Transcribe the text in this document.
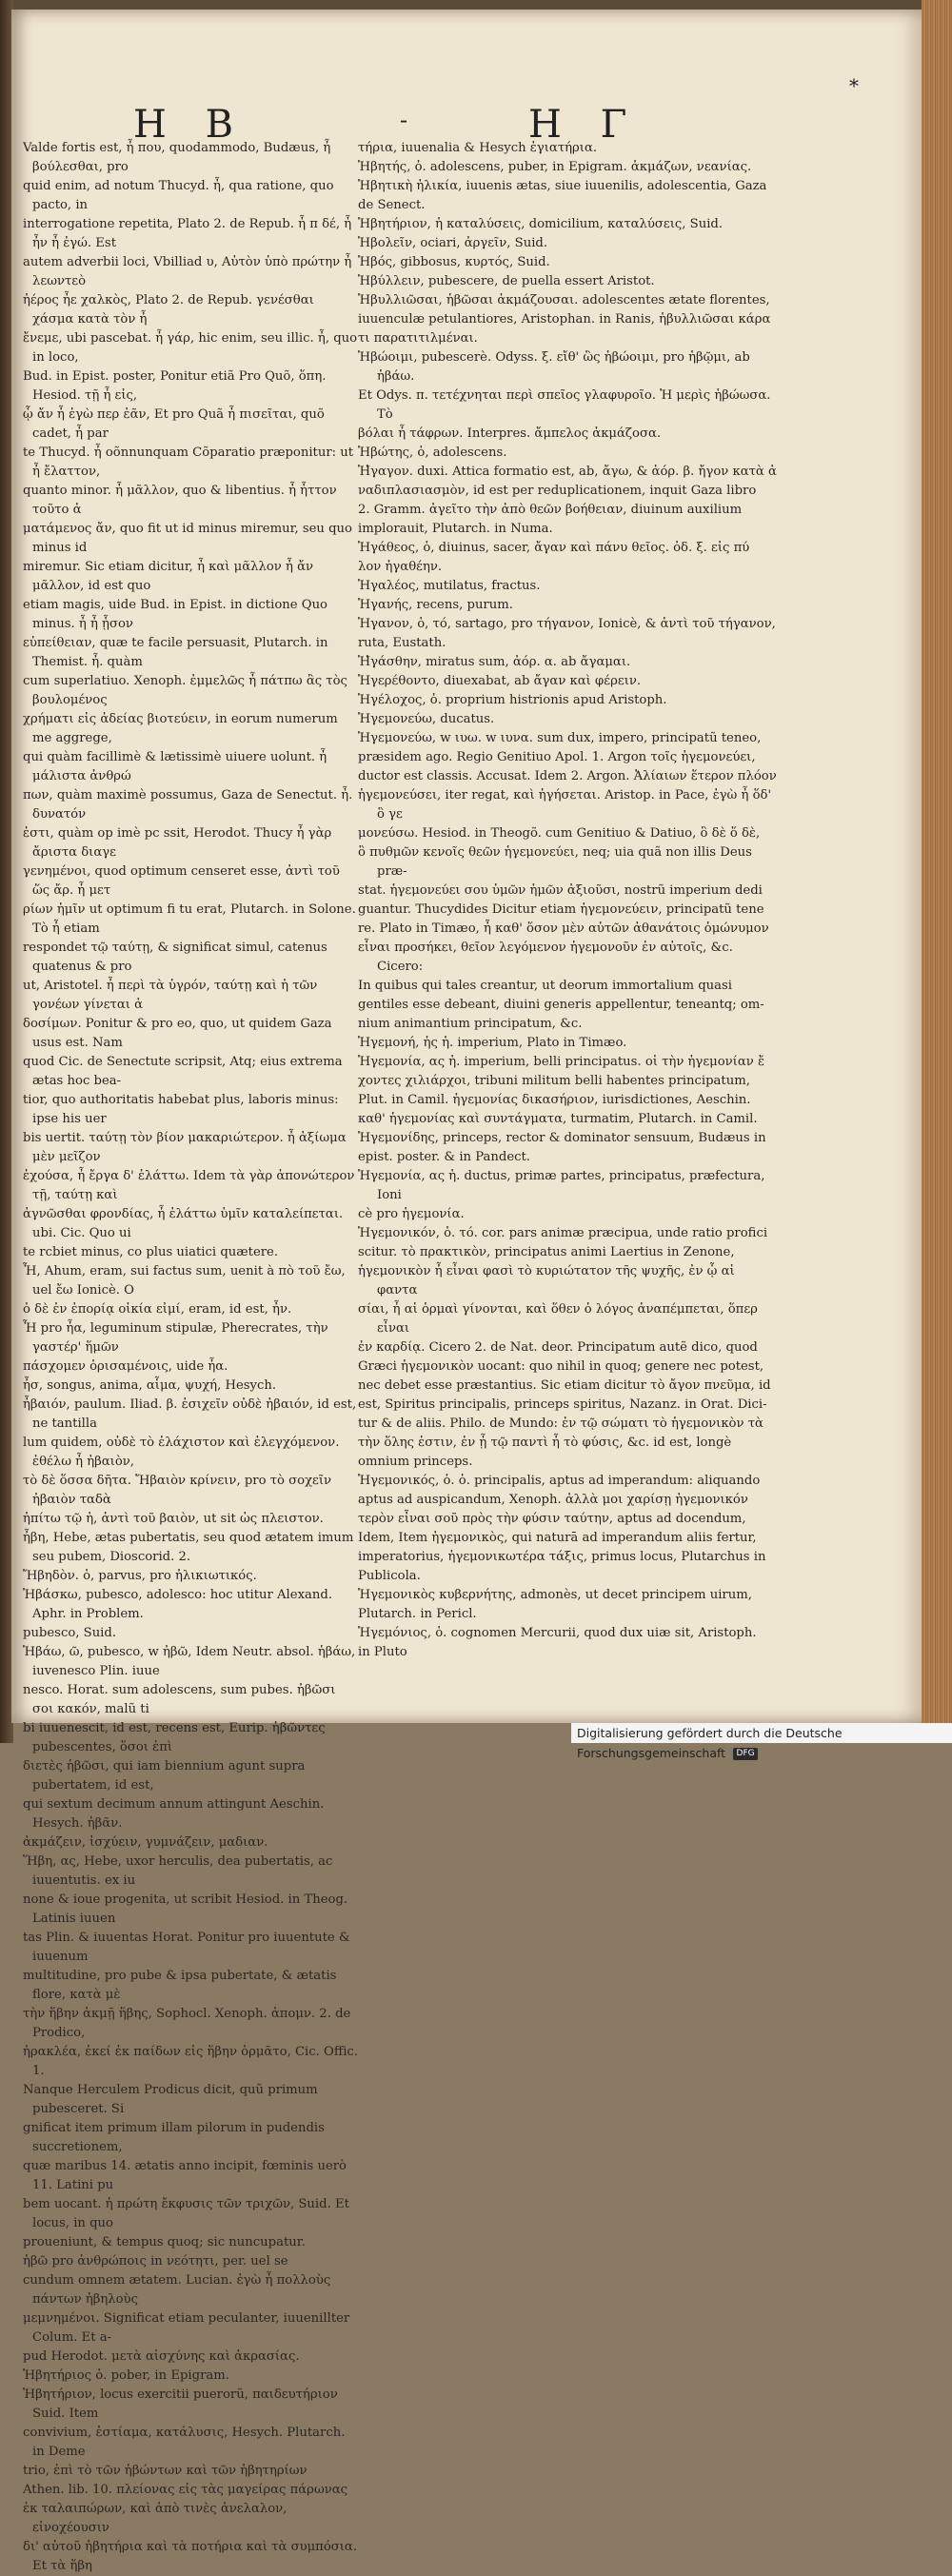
H B	-	H Γ
*

Valde fortis est, ἦ που, quodammodo, Budæus, ἦ βούλεσθαι, pro

quid enim, ad notum Thucyd. ἦ, qua ratione, quo pacto, in

interrogatione repetita, Plato 2. de Repub. ἦ π δέ, ἦ ἦν ἦ ἐγώ. Est

autem adverbii loci, Vbilliad υ, Αὐτὸν ὑπὸ πρώτην ἦ λεωντεὸ

ἠέρος ἦε χαλκὸς, Plato 2. de Repub. γενέσθαι χάσμα κατὰ τὸν ἦ

ἔνεμε, ubi pascebat. ἦ γάρ, hic enim, seu illic. ἦ, quo in loco,

Bud. in Epist. poster, Ponitur etiã Pro Quõ, ὅπη. Hesiod. τῇ ἦ εἰς,

ᾧ ἄν ἦ ἐγὼ περ ἐᾶν, Et pro Quã ἦ πισεῖται, quõ cadet, ἦ par

te Thucyd. ἦ oõnnunquam Cõparatio præponitur: ut ἦ ἔλαττον,

quanto minor. ἦ μᾶλλον, quo & libentius. ἦ ἧττον τοῦτο ἀ

ματάμενος ἄν, quo fit ut id minus miremur, seu quo minus id

miremur. Sic etiam dicitur, ἦ καὶ μᾶλλον ἦ ἄν μᾶλλον, id est quo

etiam magis, uide Bud. in Epist. in dictione Quo minus. ἦ ἦ ᾗσον

εὐπείθειαν, quæ te facile persuasit, Plutarch. in Themist. ἦ. quàm

cum superlatiuo. Xenoph. ἐμμελῶς ἦ πάτπω ἂς τὸς βουλομένος

χρήματι εἰς ἀδείας βιοτεύειν, in eorum numerum me aggrege,

qui quàm facillimè & lætissimè uiuere uolunt. ἦ μάλιστα ἀνθρώ

πων, quàm maximè possumus, Gaza de Senectut. ἦ. δυνατόν

ἐστι, quàm op imè pc ssit, Herodot. Thucy ἦ γὰρ ἄριστα διαγε

γενημένοι, quod optimum censeret esse, ἀντὶ τοῦ ὥς ἄρ. ἦ μετ

ρίων ἡμῖν ut optimum fi tu erat, Plutarch. in Solone. Τὸ ἦ etiam

respondet τῷ ταύτῃ, & significat simul, catenus quatenus & pro

ut, Aristotel. ἦ περὶ τὰ ὑγρόν, ταύτῃ καὶ ἡ τῶν γονέων γίνεται ἀ

δοσίμων. Ponitur & pro eo, quo, ut quidem Gaza usus est. Nam

quod Cic. de Senectute scripsit, Atq; eius extrema ætas hoc bea-

tior, quo authoritatis habebat plus, laboris minus: ipse his uer

bis uertit. ταύτῃ τὸν βίον μακαριώτερον. ἦ ἀξίωμα μὲν μεῖζον

ἐχούσα, ἦ ἔργα δ' ἐλάττω. Idem τὰ γὰρ ἀπονώτερον τῇ, ταύτῃ καὶ

ἀγνῶσθαι φρονδίας, ἦ ἐλάττω ὑμῖν καταλείπεται. ubi. Cic. Quo ui

te rcbiet minus, co plus uiatici quætere.

Ἦ, Ahum, eram, sui factus sum, uenit à πὸ τοῦ ἔω, uel ἔω Ionicè. O

ὁ δὲ ἐν ἐπορίᾳ οἰκία εἰμί, eram, id est, ἦν.

Ἦ pro ἦα, leguminum stipulæ, Pherecrates, τὴν γαστέρ' ἥμῶν

πάσχομεν ὁρισαμένοις, uide ἦα.

ἦσ, songus, anima, αἷμα, ψυχή, Hesych.

ἦβαιόν, paulum. Iliad. β. ἐσιχεῖν οὐδὲ ἠβαιόν, id est, ne tantilla

lum quidem, οὐδὲ τὸ ἐλάχιστον καὶ ἐλεγχόμενον. ἐθέλω ἦ ἠβαιὸν,

τὸ δὲ ὅσσα δῆτα. Ἤβαιὸν κρίνειν, pro τὸ σοχεῖν ἠβαιὸν ταδὰ

ἠπίτω τῷ ἡ, ἀντὶ τοῦ βαιὸν, ut sit ὡς πλειστον.

ἦβη, Hebe, ætas pubertatis, seu quod ætatem imum seu pubem, Dioscorid. 2.

Ἤβηδὸν. ὁ, parvus, pro ἠλικιωτικός.

Ἠβάσκω, pubesco, adolesco: hoc utitur Alexand. Aphr. in Problem.

pubesco, Suid.

Ἡβάω, ῶ, pubesco, w ἠβῶ, Idem Neutr. absol. ἡβάω, iuvenesco Plin. iuue

nesco. Horat. sum adolescens, sum pubes. ἠβῶσι σοι κακόν, malũ ti

bi iuuenescit, id est, recens est, Eurip. ἡβῶντες pubescentes, ὅσοι ἐπὶ

διετὲς ἡβῶσι, qui iam biennium agunt supra pubertatem, id est,

qui sextum decimum annum attingunt Aeschin. Hesych. ἠβᾶν.

ἀκμάζειν, ἰσχύειν, γυμνάζειν, μαδιαν.

Ἥβη, ας, Hebe, uxor herculis, dea pubertatis, ac iuuentutis. ex iu

none & ioue progenita, ut scribit Hesiod. in Theog. Latinis iuuen

tas Plin. & iuuentas Horat. Ponitur pro iuuentute & iuuenum

multitudine, pro pube & ipsa pubertate, & ætatis flore, κατὰ μὲ

τὴν ἥβην ἀκμῇ ἥβης, Sophocl. Xenoph. ἀπομν. 2. de Prodico,

ἡρακλέα, ἐκεί ἐκ παίδων εἰς ἥβην ὁρμᾶτο, Cic. Offic. 1.

Nanque Herculem Prodicus dicit, quũ primum pubesceret. Si

gnificat item primum illam pilorum in pudendis succretionem,

quæ maribus 14. ætatis anno incipit, fœminis uerò 11. Latini pu

bem uocant. ἡ πρώτη ἔκφυσις τῶν τριχῶν, Suid. Et locus, in quo

proueniunt, & tempus quoq; sic nuncupatur.

ἡβῶ pro ἀνθρώποις in νεότητι, per. uel se

cundum omnem ætatem. Lucian. ἐγὼ ἦ πολλοὺς πάντων ἡβηλοὺς

μεμνημένοι. Significat etiam peculanter, iuuenillter Colum. Et a-

pud Herodot. μετὰ αἰσχύνης καὶ ἀκρασίας.

Ἡβητήριος ὁ. pober, in Epigram.

Ἡβητήριον, locus exercitii puerorũ, παιδευτήριον Suid. Item

convivium, ἑστίαμα, κατάλυσις, Hesych. Plutarch. in Deme

trio, ἐπὶ τὸ τῶν ἡβώντων καὶ τῶν ἡβητηρίων

Athen. lib. 10. πλείονας εἰς τὰς μαγείρας πάρωνας

ἐκ ταλαιπώρων, καὶ ἀπὸ τινὲς ἀνελαλον, εἰνοχέουσιν

δι' αὐτοῦ ἡβητήρια καὶ τὰ ποτήρια καὶ τὰ συμπόσια. Et τὰ ἥβη

τήρια, iuuenalia & Hesych ἐγιατήρια.

Ἡβητής, ὁ. adolescens, puber, in Epigram. ἀκμάζων, νεανίας.

Ἡβητικὴ ἡλικία, iuuenis ætas, siue iuuenilis, adolescentia, Gaza

de Senect.

Ἡβητήριον, ἡ καταλύσεις, domicilium, καταλύσεις, Suid.

Ἡβολεῖν, ociari, ἀργεῖν, Suid.

Ἡβός, gibbosus, κυρτός, Suid.

Ἡβύλλειν, pubescere, de puella essert Aristot.

Ἡβυλλιῶσαι, ἡβῶσαι ἀκμάζουσαι. adolescentes ætate florentes,

iuuenculæ petulantiores, Aristophan. in Ranis, ἡβυλλιῶσαι κάρα

τι παρατιτιλμέναι.

Ἡβώοιμι, pubescerè. Odyss. ξ. εἴθ' ὣς ἡβώοιμι, pro ἡβῷμι, ab ἡβάω.

Et Odys. π. τετέχνηται περὶ σπεῖος γλαφυροῖο. Ἡ μερὶς ἡβώωσα. Τὸ

βόλαι ἦ τάφρων. Interpres. ἄμπελος ἀκμάζοσα.

Ἡβώτης, ὁ, adolescens.

Ἡ̓γαγον. duxi. Attica formatio est, ab, ἄγω, & ἀόρ. β. ἤγον κατὰ ἀ

ναδιπλασιασμὸν, id est per reduplicationem, inquit Gaza libro

2. Gramm. ἀγεῖτο τὴν ἀπὸ θεῶν βοήθειαν, diuinum auxilium

implorauit, Plutarch. in Numa.

Ἡγάθεος, ὁ, diuinus, sacer, ἄγαν καὶ πάνυ θεῖος. ὀδ. ξ. εἰς πύ

λον ἠγαθέην.

Ἡγαλέος, mutilatus, fractus.

Ἡγανής, recens, purum.

Ἡγανον, ὁ, τό, sartago, pro τήγανον, Ionicè, & ἀντὶ τοῦ τήγανον,

ruta, Eustath.

Ἡ̓γάσθην, miratus sum, ἀόρ. α. ab ἄγαμαι.

Ἡγερέθοντο, diuexabat, ab ἄγαν καὶ φέρειν.

Ἡγέλοχος, ὁ. proprium histrionis apud Aristoph.

Ἡγεμονεύω, ducatus.

Ἡγεμονεύω, w ιυω. w ιυνα. sum dux, impero, principatũ teneo,

præsidem ago. Regio Genitiuo Apol. 1. Argon τοῖς ἡγεμονεύει,

ductor est classis. Accusat. Idem 2. Argon. Ἀλίαιων ἕτερον πλόον

ἡγεμονεύσει, iter regat, καὶ ἡγήσεται. Aristop. in Pace, ἐγὼ ἦ ὅδ' ὃ γε

μονεύσω. Hesiod. in Theogõ. cum Genitiuo & Datiuo, ὃ δὲ ὅ δὲ,

ὃ πυθμῶν κενοῖς θεῶν ἡγεμονεύει, neq; uia quã non illis Deus præ-

stat. ἡγεμονεύει σου ὑμῶν ἡμῶν ἀξιοῦσι, nostrũ imperium dedi

guantur. Thucydides Dicitur etiam ἡγεμονεύειν, principatũ tene

re. Plato in Timæo, ἦ καθ' ὅσον μὲν αὐτῶν ἀθανάτοις ὁμώνυμον

εἶναι προσήκει, θεῖον λεγόμενον ἡγεμονοῦν ἐν αὐτοῖς, &c. Cicero:

In quibus qui tales creantur, ut deorum immortalium quasi

gentiles esse debeant, diuini generis appellentur, teneantq; om-

nium animantium principatum, &c.

Ἡγεμονή, ἡς ἡ. imperium, Plato in Timæo.

Ἡγεμονία, ας ἡ. imperium, belli principatus. οἱ τὴν ἡγεμονίαν ἔ

χοντες χιλιάρχοι, tribuni militum belli habentes principatum,

Plut. in Camil. ἡγεμονίας δικασήριον, iurisdictiones, Aeschin.

καθ' ἡγεμονίας καὶ συντάγματα, turmatim, Plutarch. in Camil.

Ἡγεμονίδης, princeps, rector & dominator sensuum, Budæus in

epist. poster. & in Pandect.

Ἡγεμονία, ας ἡ. ductus, primæ partes, principatus, præfectura, Ioni

cè pro ἡγεμονία.

Ἡγεμονικόν, ὁ. τό. cor. pars animæ præcipua, unde ratio profici

scitur. τὸ πρακτικὸν, principatus animi Laertius in Zenone,

ἡγεμονικὸν ἦ εἶναι φασὶ τὸ κυριώτατον τῆς ψυχῆς, ἐν ᾧ αἱ φαντα

σίαι, ἦ αἱ ὁρμαὶ γίνονται, καὶ ὅθεν ὁ λόγος ἀναπέμπεται, ὅπερ εἶναι

ἐν καρδίᾳ. Cicero 2. de Nat. deor. Principatum autẽ dico, quod

Græci ἡγεμονικὸν uocant: quo nihil in quoq; genere nec potest,

nec debet esse præstantius. Sic etiam dicitur τὸ ἄγον πνεῦμα, id

est, Spiritus principalis, princeps spiritus, Nazanz. in Orat. Dici-

tur & de aliis. Philo. de Mundo: ἐν τῷ σώματι τὸ ἡγεμονικὸν τὰ

τὴν ὅλης ἐστιν, ἐν ᾗ τῷ παντὶ ἦ τὸ φύσις, &c. id est, longè

omnium princeps.

Ἡγεμονικός, ὁ. ὁ. principalis, aptus ad imperandum: aliquando

aptus ad auspicandum, Xenoph. ἀλλὰ μοι χαρίσῃ ἡγεμονικόν

τερὸν εἶναι σοῦ πρὸς τὴν φύσιν ταύτην, aptus ad docendum,

Idem, Item ἡγεμονικὸς, qui naturā ad imperandum aliis fertur,

imperatorius, ἡγεμονικωτέρα τάξις, primus locus, Plutarchus in

Publicola.

Ἡγεμονικὸς κυβερνήτης, admonès, ut decet principem uirum,

Plutarch. in Pericl.

Ἡγεμόνιος, ὁ. cognomen Mercurii, quod dux uiæ sit, Aristoph.

in Pluto

Digitalisierung gefördert durch die Deutsche Forschungsgemeinschaft DFG
